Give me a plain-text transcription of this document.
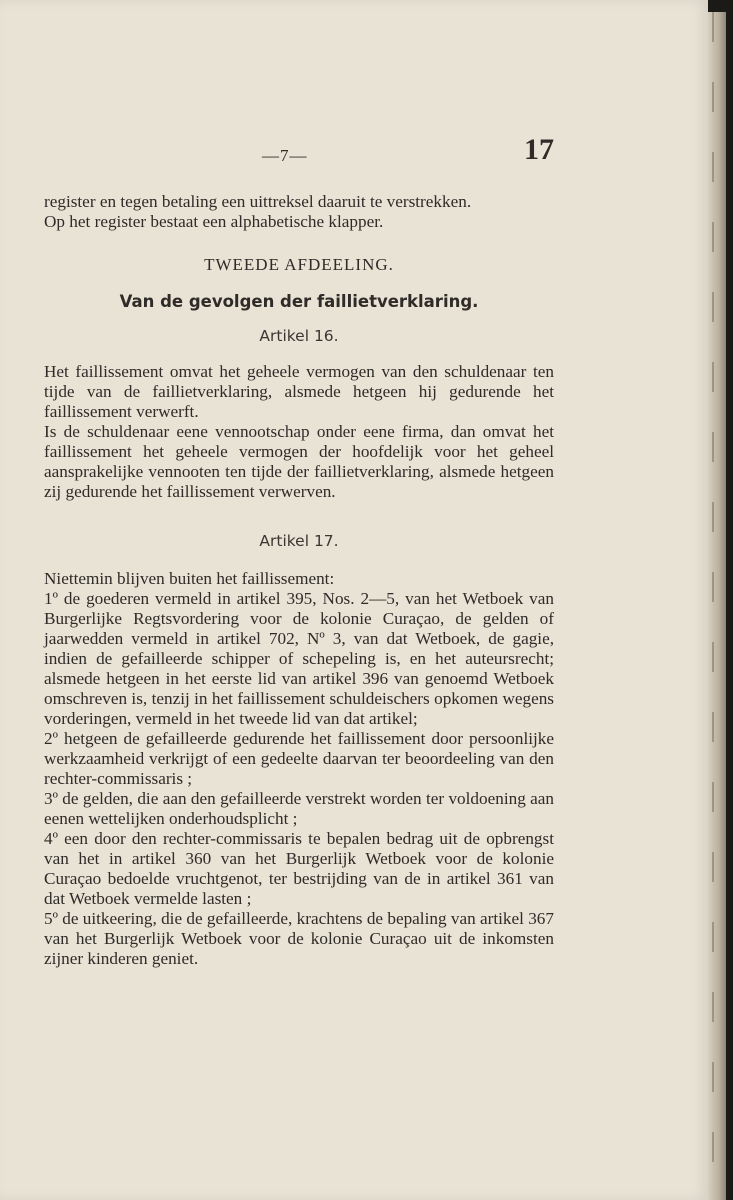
—7—	17

register en tegen betaling een uittreksel daaruit te verstrekken.

Op het register bestaat een alphabetische klapper.

TWEEDE AFDEELING.
Van de gevolgen der faillietverklaring.
Artikel 16.

Het faillissement omvat het geheele vermogen van den schuldenaar ten tijde van de faillietverklaring, alsmede hetgeen hij gedurende het faillissement verwerft.

Is de schuldenaar eene vennootschap onder eene firma, dan omvat het faillissement het geheele vermogen der hoofdelijk voor het geheel aansprakelijke vennooten ten tijde der faillietverklaring, alsmede hetgeen zij gedurende het faillissement verwerven.

Artikel 17.

Niettemin blijven buiten het faillissement:

1º de goederen vermeld in artikel 395, Nos. 2—5, van het Wetboek van Burgerlijke Regtsvordering voor de kolonie Curaçao, de gelden of jaarwedden vermeld in artikel 702, Nº 3, van dat Wetboek, de gagie, indien de gefailleerde schipper of schepeling is, en het auteursrecht; alsmede hetgeen in het eerste lid van artikel 396 van genoemd Wetboek omschreven is, tenzij in het faillissement schuldeischers opkomen wegens vorderingen, vermeld in het tweede lid van dat artikel;

2º hetgeen de gefailleerde gedurende het faillissement door persoonlijke werkzaamheid verkrijgt of een gedeelte daarvan ter beoordeeling van den rechter-commissaris ;

3º de gelden, die aan den gefailleerde verstrekt worden ter voldoening aan eenen wettelijken onderhoudsplicht ;

4º een door den rechter-commissaris te bepalen bedrag uit de opbrengst van het in artikel 360 van het Burgerlijk Wetboek voor de kolonie Curaçao bedoelde vruchtgenot, ter bestrijding van de in artikel 361 van dat Wetboek vermelde lasten ;

5º de uitkeering, die de gefailleerde, krachtens de bepaling van artikel 367 van het Burgerlijk Wetboek voor de kolonie Curaçao uit de inkomsten zijner kinderen geniet.
